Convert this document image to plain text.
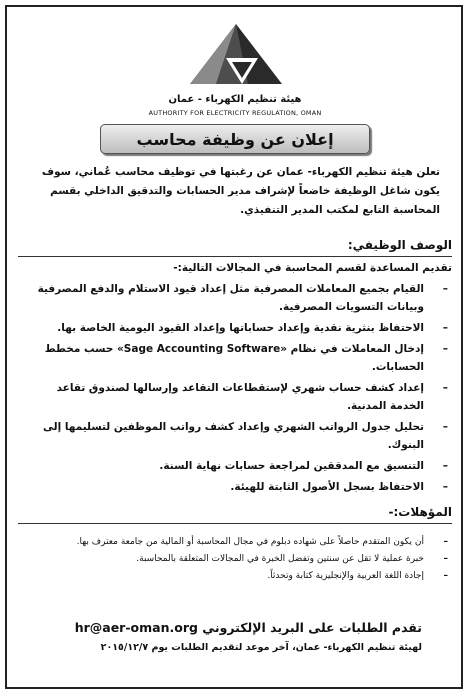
هيئة تنظيم الكهرباء - عمان
AUTHORITY FOR ELECTRICITY REGULATION, OMAN
إعلان عن وظيفة محاسب
تعلن هيئة تنظيم الكهرباء- عمان عن رغبتها في توظيف محاسب عُماني، سوف يكون شاغل الوظيفة خاضعاً لإشراف مدير الحسابات والتدقيق الداخلي بقسم المحاسبة التابع لمكتب المدير التنفيذي.
الوصف الوظيفي:
تقديم المساعدة لقسم المحاسبة في المجالات التالية:-
–
القيام بجميع المعاملات المصرفية مثل إعداد قيود الاستلام والدفع المصرفية وبيانات التسويات المصرفية.
–
الاحتفاظ بنثرية نقدية وإعداد حساباتها وإعداد القيود اليومية الخاصة بها.
–
إدخال المعاملات في نظام «Sage Accounting Software» حسب مخطط الحسابات.
–
إعداد كشف حساب شهري لإستقطاعات التقاعد وإرسالها لصندوق تقاعد الخدمة المدنية.
–
تحليل جدول الرواتب الشهري وإعداد كشف رواتب الموظفين لتسليمها إلى البنوك.
–
التنسيق مع المدققين لمراجعة حسابات نهاية السنة.
–
الاحتفاظ بسجل الأصول الثابتة للهيئة.
المؤهلات:-
–
أن يكون المتقدم حاصلاً على شهاده دبلوم في مجال المحاسبة أو المالية من جامعة معترف بها.
–
خبرة عملية لا تقل عن سنتين وتفضل الخبرة في المجالات المتعلقة بالمحاسبة.
–
إجادة اللغة العربية والإنجليزية كتابة وتحدثاً.
تقدم الطلبات على البريد الإلكتروني hr@aer-oman.org
لهيئة تنظيم الكهرباء- عمان، آخر موعد لتقديم الطلبات يوم ٢٠١٥/١٢/٧
